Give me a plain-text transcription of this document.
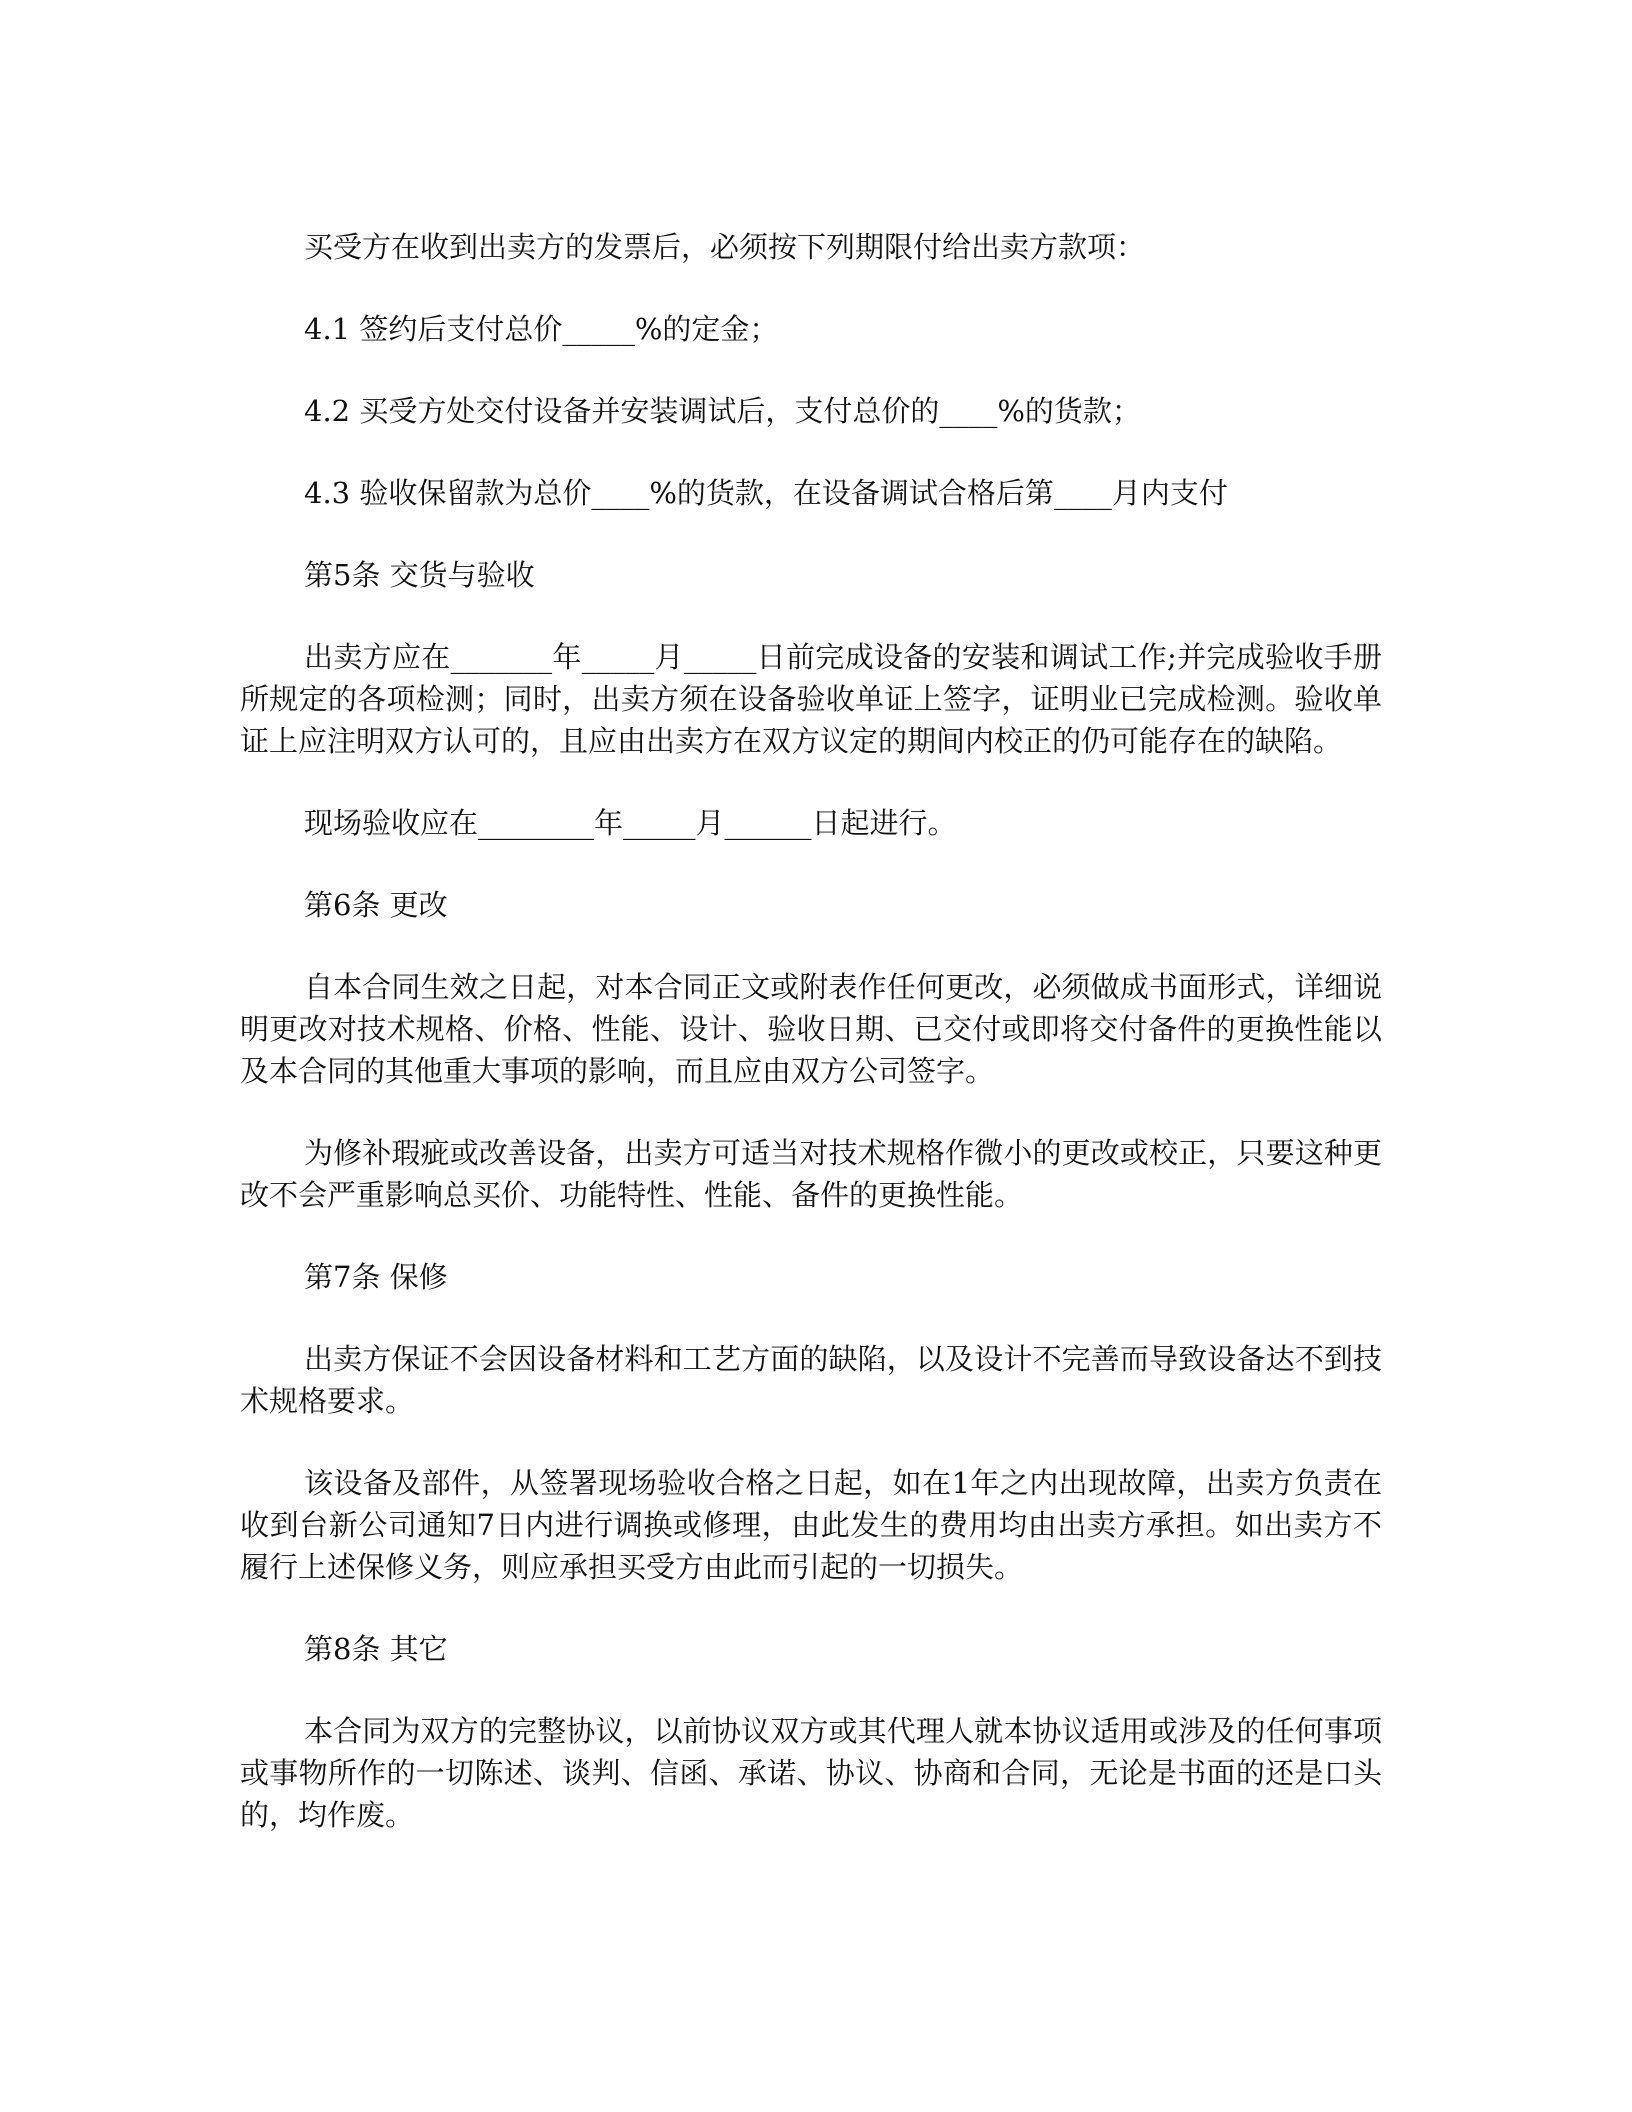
买受方在收到出卖方的发票后，必须按下列期限付给出卖方款项：

4.1 签约后支付总价_____%的定金；

4.2 买受方处交付设备并安装调试后，支付总价的____%的货款；

4.3 验收保留款为总价____%的货款，在设备调试合格后第____月内支付

第5条 交货与验收

出卖方应在_______年_____月_____日前完成设备的安装和调试工作;并完成验收手册所规定的各项检测；同时，出卖方须在设备验收单证上签字，证明业已完成检测。验收单证上应注明双方认可的，且应由出卖方在双方议定的期间内校正的仍可能存在的缺陷。

现场验收应在________年_____月______日起进行。

第6条 更改

自本合同生效之日起，对本合同正文或附表作任何更改，必须做成书面形式，详细说明更改对技术规格、价格、性能、设计、验收日期、已交付或即将交付备件的更换性能以及本合同的其他重大事项的影响，而且应由双方公司签字。

为修补瑕疵或改善设备，出卖方可适当对技术规格作微小的更改或校正，只要这种更改不会严重影响总买价、功能特性、性能、备件的更换性能。

第7条 保修

出卖方保证不会因设备材料和工艺方面的缺陷，以及设计不完善而导致设备达不到技术规格要求。

该设备及部件，从签署现场验收合格之日起，如在1年之内出现故障，出卖方负责在收到台新公司通知7日内进行调换或修理，由此发生的费用均由出卖方承担。如出卖方不履行上述保修义务，则应承担买受方由此而引起的一切损失。

第8条 其它

本合同为双方的完整协议，以前协议双方或其代理人就本协议适用或涉及的任何事项或事物所作的一切陈述、谈判、信函、承诺、协议、协商和合同，无论是书面的还是口头的，均作废。
